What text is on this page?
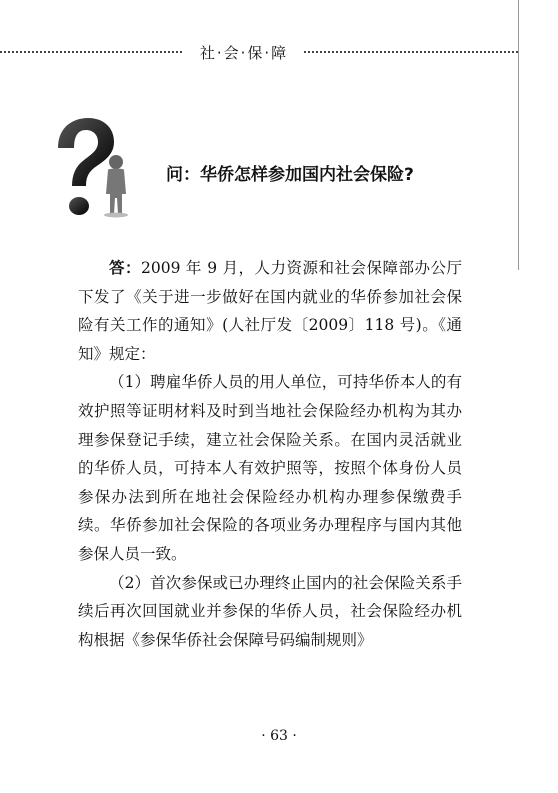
社·会·保·障
问：华侨怎样参加国内社会保险?

答：2009 年 9 月，人力资源和社会保障部办公厅下发了《关于进一步做好在国内就业的华侨参加社会保险有关工作的通知》(人社厅发〔2009〕118 号)。《通知》规定：

（1）聘雇华侨人员的用人单位，可持华侨本人的有效护照等证明材料及时到当地社会保险经办机构为其办理参保登记手续，建立社会保险关系。在国内灵活就业的华侨人员，可持本人有效护照等，按照个体身份人员参保办法到所在地社会保险经办机构办理参保缴费手续。华侨参加社会保险的各项业务办理程序与国内其他参保人员一致。

（2）首次参保或已办理终止国内的社会保险关系手续后再次回国就业并参保的华侨人员，社会保险经办机构根据《参保华侨社会保障号码编制规则》

· 63 ·
